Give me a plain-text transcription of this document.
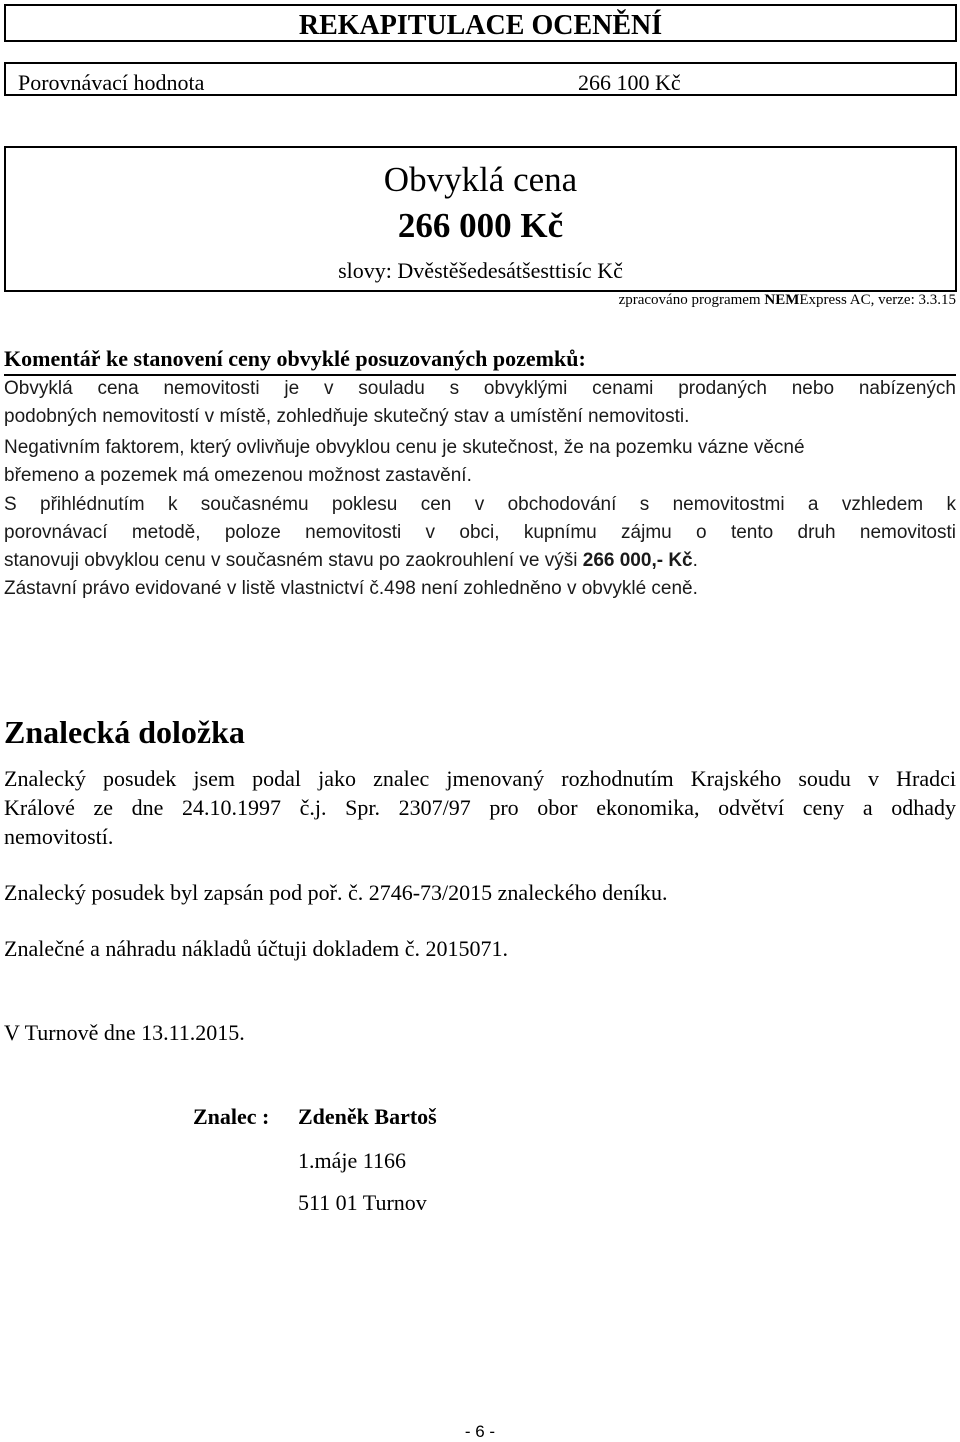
REKAPITULACE OCENĚNÍ
Porovnávací hodnota	266 100 Kč
Obvyklá cena
266 000 Kč
slovy: Dvěstěšedesátšesttisíc Kč
zpracováno programem NEMExpress AC, verze: 3.3.15
Komentář ke stanovení ceny obvyklé posuzovaných pozemků:
Obvyklá cena nemovitosti je v souladu s obvyklými cenami prodaných nebo nabízených
podobných nemovitostí v místě, zohledňuje skutečný stav a umístění nemovitosti.
Negativním faktorem, který ovlivňuje obvyklou cenu je skutečnost, že na pozemku vázne věcné
břemeno a pozemek má omezenou možnost zastavění.
S přihlédnutím k současnému poklesu cen v obchodování s nemovitostmi a vzhledem k
porovnávací metodě, poloze nemovitosti v obci, kupnímu zájmu o tento druh nemovitosti
stanovuji obvyklou cenu v současném stavu po zaokrouhlení ve výši 266 000,- Kč.
Zástavní právo evidované v listě vlastnictví č.498 není zohledněno v obvyklé ceně.
Znalecká doložka
Znalecký posudek jsem podal jako znalec jmenovaný rozhodnutím Krajského soudu v Hradci
Králové ze dne 24.10.1997 č.j. Spr. 2307/97 pro obor ekonomika, odvětví ceny a odhady
nemovitostí.
Znalecký posudek byl zapsán pod poř. č. 2746-73/2015 znaleckého deníku.
Znalečné a náhradu nákladů účtuji dokladem č. 2015071.
V Turnově dne 13.11.2015.
Znalec : Zdeněk Bartoš
1.máje 1166
511 01 Turnov
- 6 -
